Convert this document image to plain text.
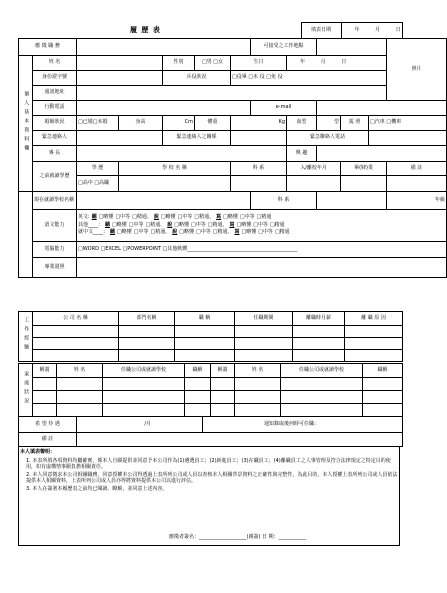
履 歷 表
		填表日期	年	月	日
應 徵 職 務							可接受之工作地點					照片
個人基本資料欄	姓 名			性別	□男 □女	生日		年 月 日				
	身份證字號			兵役狀況		□役畢 □未 役 □免 役						
	通訊地址											
	行動電話						e-mail					
	婚姻狀況	□已婚□未婚	身高	Cm	體重	Kg		血型	型	駕 照	□汽車 □機車	
	緊急連絡人			緊急連絡人之關係				緊急聯絡人電話				
	專 長							興 趣				
	之前就讀學歷	學 歷	學 校 名 稱			科 系		入/離校年月		畢(肄)業		備 註
		□高中 □高職										
	現在就讀學校名稱						科 系					年級
	語文能力	英文: 聽 □略懂 □中等 □精通、 說 □略懂 □中等 □精通、 寫 □略懂 □中等 □精通
其他____： 聽 □略懂 □中等 □精通、 說 □略懂 □中等 □精通、 寫 □略懂 □中等 □精通
就中文____： 聽 □略懂 □中等 □精通、 說 □略懂 □中等 □精通、 寫 □略懂 □中等 □精通										

	電腦能力	□WORD □EXCEL □POWERPOINT □其他軟體____________________________________________										
	專業證照											
工作經驗	公 司 名 稱	部門名稱	職 稱	任職期間	離職時月薪	離 職 原 因

家庭狀況	稱謂	姓 名	任職公司或就讀學校	職稱	稱謂	姓 名	任職公司或就讀學校	職稱

希 望 待 遇	/月	通知錄取後何時可任職：
備 註		
本人填表聲明：
1. 本表所填各項資料均屬確實，係本人自願提供並同意予本公司作為(1)遴選員工；(2)新進員工；(3)在職員工；(4)離職員工之人事管理及符合法律規定之特定目的使用，如有虛構情事願負擔相關責任。
2. 本人同意徵求本公司相關職務，同意授權本公司得透過上表所列公司或人員以查核本人相關背景資料之正確性與完整性，為此目的，本人授權上表所列公司或人員依法提供本人相關資料，上表所列公司或人員亦得將資料提供本公司以進行評估。
3. 本人在簽署本履歷表之前均已閱讀、瞭解，並同意上述內容。
應徵者簽名：___________________(親簽) 日 期：___________
